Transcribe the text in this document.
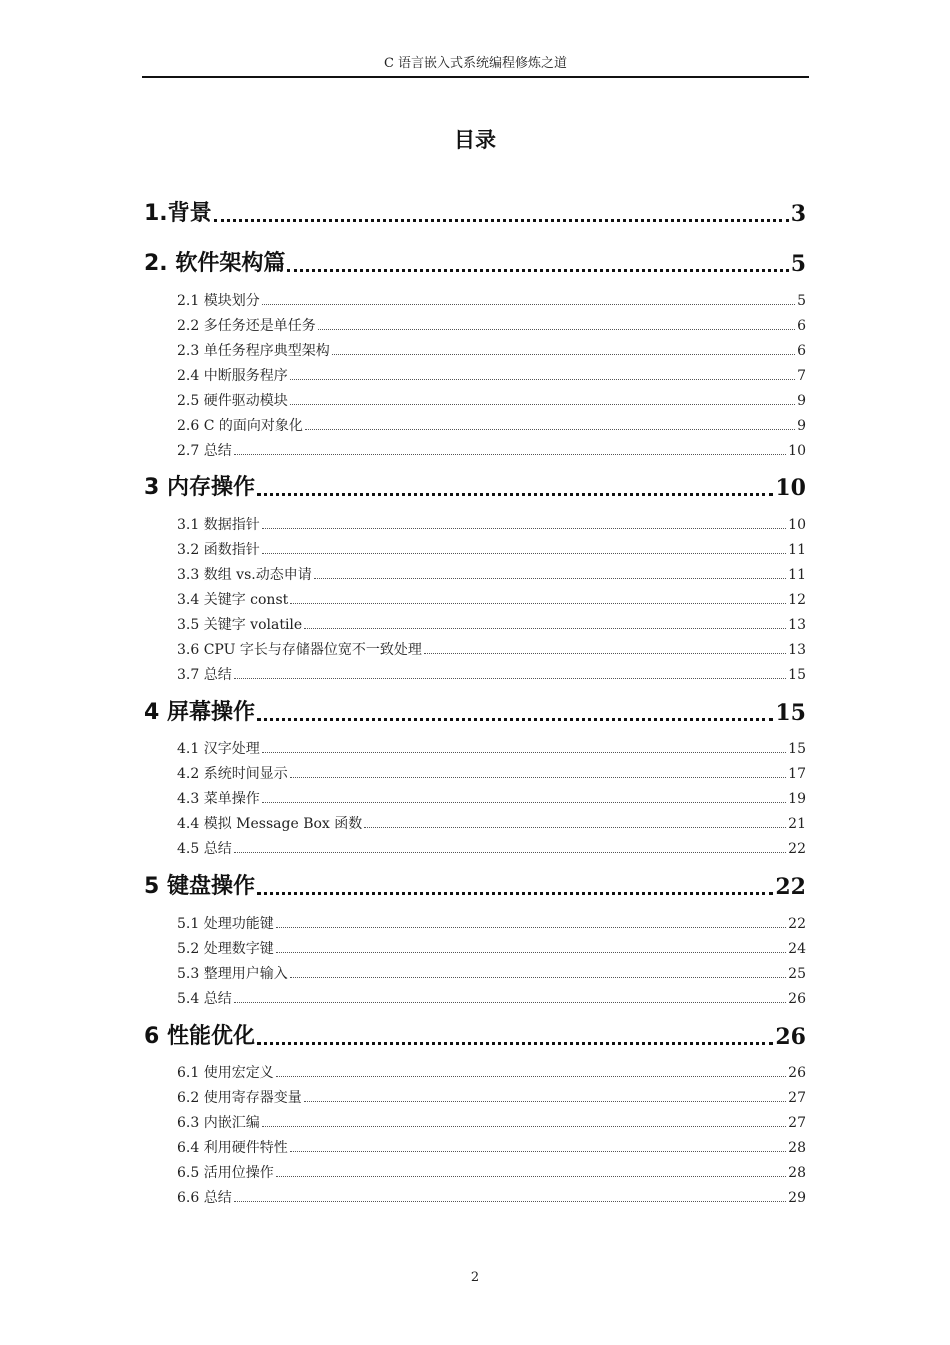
C 语言嵌入式系统编程修炼之道
目录
1.背景	3
2. 软件架构篇	5
2.1 模块划分	5
2.2 多任务还是单任务	6
2.3 单任务程序典型架构	6
2.4 中断服务程序	7
2.5 硬件驱动模块	9
2.6 C 的面向对象化	9
2.7 总结	10
3 内存操作	10
3.1 数据指针	10
3.2 函数指针	11
3.3 数组 vs.动态申请	11
3.4 关键字 const	12
3.5 关键字 volatile	13
3.6 CPU 字长与存储器位宽不一致处理	13
3.7 总结	15
4 屏幕操作	15
4.1 汉字处理	15
4.2 系统时间显示	17
4.3 菜单操作	19
4.4 模拟 Message Box 函数	21
4.5 总结	22
5 键盘操作	22
5.1 处理功能键	22
5.2 处理数字键	24
5.3 整理用户输入	25
5.4 总结	26
6 性能优化	26
6.1 使用宏定义	26
6.2 使用寄存器变量	27
6.3 内嵌汇编	27
6.4 利用硬件特性	28
6.5 活用位操作	28
6.6 总结	29
2
